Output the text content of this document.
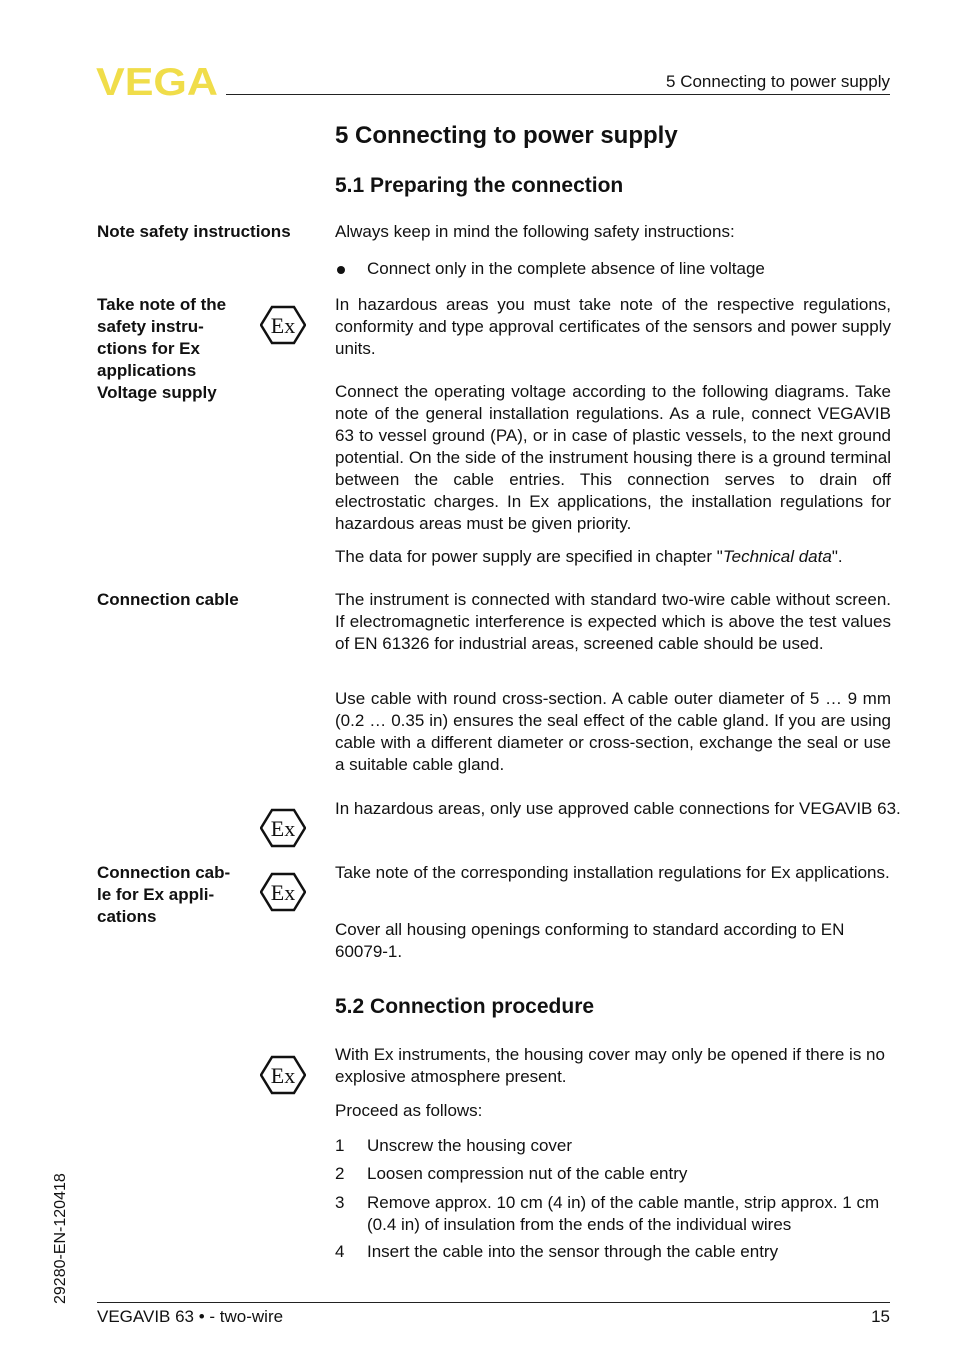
VEGA	5 Connecting to power supply
5 Connecting to power supply
5.1 Preparing the connection
Note safety instructions
Take note of the
safety instru-
ctions for Ex
applications
Voltage supply
Connection cable
Connection cab-
le for Ex appli-
cations
Ex
Ex
Ex
Ex
Always keep in mind the following safety instructions:
Connect only in the complete absence of line voltage
In hazardous areas you must take note of the respective regulations, conformity and type approval certificates of the sensors and power supply units.
Connect the operating voltage according to the following diagrams. Take note of the general installation regulations. As a rule, connect VEGAVIB 63 to vessel ground (PA), or in case of plastic vessels, to the next ground potential. On the side of the instrument housing there is a ground terminal between the cable entries. This connection serves to drain off electrostatic charges. In Ex applications, the installation regulations for hazardous areas must be given priority.
The data for power supply are specified in chapter "Technical data".
The instrument is connected with standard two-wire cable without screen. If electromagnetic interference is expected which is above the test values of EN 61326 for industrial areas, screened cable should be used.
Use cable with round cross-section. A cable outer diameter of 5 … 9 mm (0.2 … 0.35 in) ensures the seal effect of the cable gland. If you are using cable with a different diameter or cross-section, exchange the seal or use a suitable cable gland.
In hazardous areas, only use approved cable connections for VEGAVIB 63.
Take note of the corresponding installation regulations for Ex applications.
Cover all housing openings conforming to standard according to EN 60079-1.
5.2 Connection procedure
With Ex instruments, the housing cover may only be opened if there is no explosive atmosphere present.
Proceed as follows:
1	Unscrew the housing cover
2	Loosen compression nut of the cable entry
3	Remove approx. 10 cm (4 in) of the cable mantle, strip approx. 1 cm (0.4 in) of insulation from the ends of the individual wires
4	Insert the cable into the sensor through the cable entry
29280-EN-120418
VEGAVIB 63 • - two-wire	15
